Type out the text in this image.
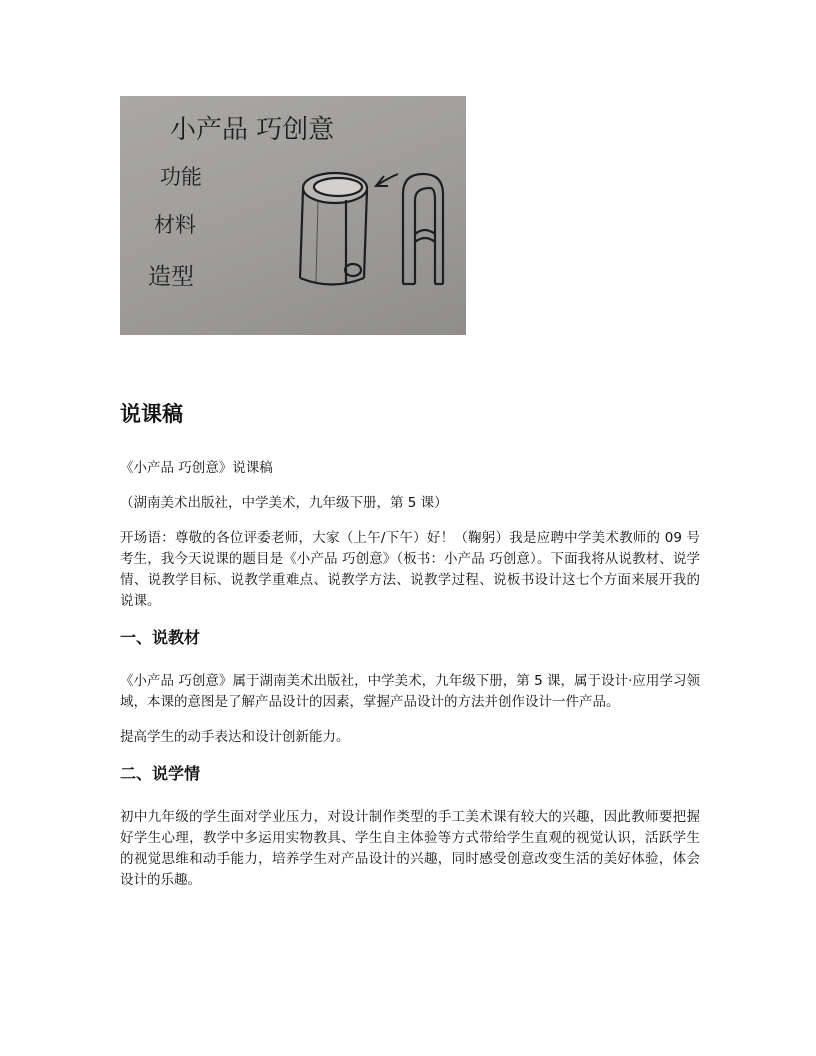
小产品 巧创意
功能
材料
造型
说课稿

《小产品 巧创意》说课稿

（湖南美术出版社，中学美术，九年级下册，第 5 课）

开场语：尊敬的各位评委老师，大家（上午/下午）好！（鞠躬）我是应聘中学美术教师的 09 号考生，我今天说课的题目是《小产品 巧创意》（板书：小产品 巧创意）。下面我将从说教材、说学情、说教学目标、说教学重难点、说教学方法、说教学过程、说板书设计这七个方面来展开我的说课。

一、说教材

《小产品 巧创意》属于湖南美术出版社，中学美术，九年级下册，第 5 课，属于设计·应用学习领域，本课的意图是了解产品设计的因素，掌握产品设计的方法并创作设计一件产品。

提高学生的动手表达和设计创新能力。

二、说学情

初中九年级的学生面对学业压力，对设计制作类型的手工美术课有较大的兴趣，因此教师要把握好学生心理，教学中多运用实物教具、学生自主体验等方式带给学生直观的视觉认识，活跃学生的视觉思维和动手能力，培养学生对产品设计的兴趣，同时感受创意改变生活的美好体验，体会设计的乐趣。
